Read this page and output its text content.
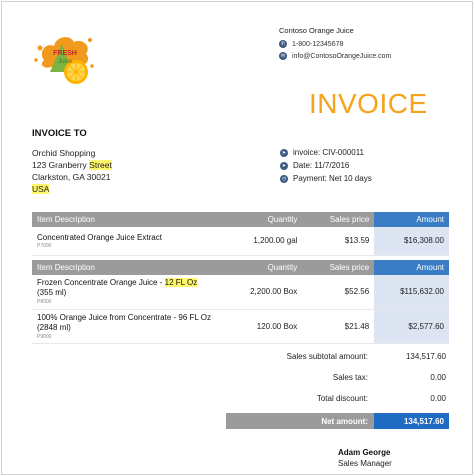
FRESH
Juice
Contoso Orange Juice
✆ 1-800-12345678
✉ info@ContosoOrangeJuice.com
INVOICE
INVOICE TO
Orchid Shopping
123 Granberry Street
Clarkston, GA 30021
USA
➤ invoice: CIV-000011
➤ Date: 11/7/2016
◷ Payment: Net 10 days
Item Description	Quantity	Sales price	Amount

Concentrated Orange Juice Extract
P7000	1,200.00 gal	$13.59	$16,308.00
Item Description	Quantity	Sales price	Amount

Frozen Concentrate Orange Juice - 12 FL Oz
(355 ml)
P8000	2,200.00 Box	$52.56	$115,632.00

100% Orange Juice from Concentrate - 96 FL Oz
(2848 ml)
P9000	120.00 Box	$21.48	$2,577.60
Sales subtotal amount:	134,517.60
Sales tax:	0.00
Total discount:	0.00
Net amount:	134,517.60
Adam George
Sales Manager
